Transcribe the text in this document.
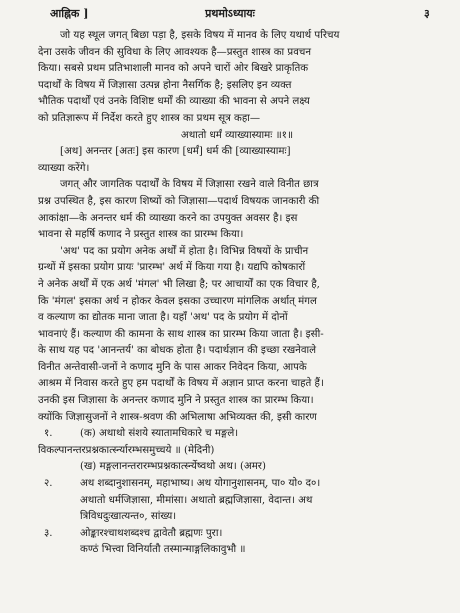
आह्निक ]	प्रथमोऽध्यायः	३
जो यह स्थूल जगत् बिछा पड़ा है, इसके विषय में मानव के लिए यथार्थ परिचय
देना उसके जीवन की सुविधा के लिए आवश्यक है—प्रस्तुत शास्त्र का प्रवचन
किया। सबसे प्रथम प्रतिभाशाली मानव को अपने चारों ओर बिखरे प्राकृतिक
पदार्थों के विषय में जिज्ञासा उत्पन्न होना नैसर्गिक है; इसलिए इन व्यक्त
भौतिक पदार्थों एवं उनके विशिष्ट धर्मों की व्याख्या की भावना से अपने लक्ष्य
को प्रतिज्ञारूप में निर्देश करते हुए शास्त्र का प्रथम सूत्र कहा—
अथातो धर्मं व्याख्यास्यामः ॥१॥
[अथ] अनन्तर [अतः] इस कारण [धर्मं] धर्म की [व्याख्यास्यामः]
व्याख्या करेंगे।
जगत् और जागतिक पदार्थों के विषय में जिज्ञासा रखने वाले विनीत छात्र
प्रश्न उपस्थित है, इस कारण शिष्यों को जिज्ञासा—पदार्थ विषयक जानकारी की
आकांक्षा—के अनन्तर धर्म की व्याख्या करने का उपयुक्त अवसर है। इस
भावना से महर्षि कणाद ने प्रस्तुत शास्त्र का प्रारम्भ किया।
'अथ' पद का प्रयोग अनेक अर्थों में होता है। विभिन्न विषयों के प्राचीन
ग्रन्थों में इसका प्रयोग प्रायः 'प्रारम्भ' अर्थ में किया गया है। यद्यपि कोषकारों
ने अनेक अर्थों में एक अर्थ 'मंगल' भी लिखा है; पर आचार्यों का एक विचार है,
कि 'मंगल' इसका अर्थ न होकर केवल इसका उच्चारण मांगलिक अर्थात् मंगल
व कल्याण का द्योतक माना जाता है। यहाँ 'अथ' पद के प्रयोग में दोनों
भावनाएं हैं। कल्याण की कामना के साथ शास्त्र का प्रारम्भ किया जाता है। इसी-
के साथ यह पद 'आनन्तर्य' का बोधक होता है। पदार्थज्ञान की इच्छा रखनेवाले
विनीत अन्तेवासी-जनों ने कणाद मुनि के पास आकर निवेदन किया, आपके
आश्रम में निवास करते हुए हम पदार्थों के विषय में अज्ञान प्राप्त करना चाहते हैं।
उनकी इस जिज्ञासा के अनन्तर कणाद मुनि ने प्रस्तुत शास्त्र का प्रारम्भ किया।
क्योंकि जिज्ञासुजनों ने शास्त्र-श्रवण की अभिलाषा अभिव्यक्त की, इसी कारण
१.	(क) अथाथो संशये स्यातामधिकारे च मङ्गले।
विकल्पानन्तरप्रश्नकार्त्स्न्यारम्भसमुच्चये ॥ (मेदिनी)
(ख) मङ्गलानन्तरारम्भप्रश्नकार्त्स्न्येष्वथो अथ। (अमर)
२.	अथ शब्दानुशासनम्, महाभाष्य। अथ योगानुशासनम्, पा० यो० द०।
अथातो धर्मजिज्ञासा, मीमांसा। अथातो ब्रह्मजिज्ञासा, वेदान्त। अथ
त्रिविधदुःखात्यन्त०, सांख्य।
३.	ओङ्कारश्चाथशब्दश्च द्वावेतौ ब्रह्मणः पुरा।
कण्ठं भित्त्वा विनिर्यातौ तस्मान्माङ्गलिकावुभौ ॥
